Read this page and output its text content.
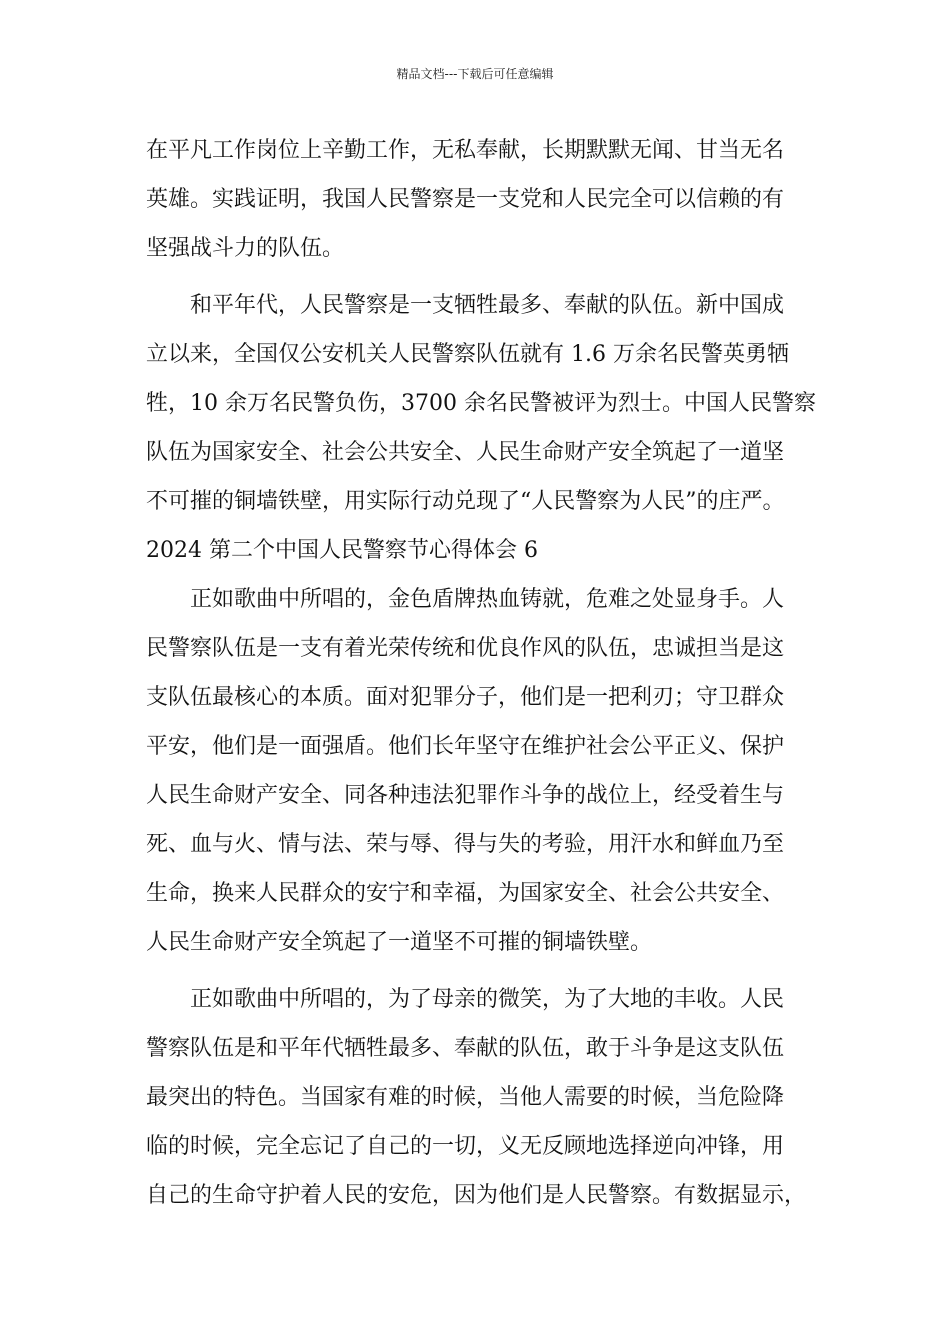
精品文档---下载后可任意编辑
在平凡工作岗位上辛勤工作，无私奉献，长期默默无闻、甘当无名
英雄。实践证明，我国人民警察是一支党和人民完全可以信赖的有
坚强战斗力的队伍。
和平年代，人民警察是一支牺牲最多、奉献的队伍。新中国成
立以来，全国仅公安机关人民警察队伍就有 1.6 万余名民警英勇牺
牲，10 余万名民警负伤，3700 余名民警被评为烈士。中国人民警察
队伍为国家安全、社会公共安全、人民生命财产安全筑起了一道坚
不可摧的铜墙铁壁，用实际行动兑现了“人民警察为人民”的庄严。
2024 第二个中国人民警察节心得体会 6
正如歌曲中所唱的，金色盾牌热血铸就，危难之处显身手。人
民警察队伍是一支有着光荣传统和优良作风的队伍，忠诚担当是这
支队伍最核心的本质。面对犯罪分子，他们是一把利刃；守卫群众
平安，他们是一面强盾。他们长年坚守在维护社会公平正义、保护
人民生命财产安全、同各种违法犯罪作斗争的战位上，经受着生与
死、血与火、情与法、荣与辱、得与失的考验，用汗水和鲜血乃至
生命，换来人民群众的安宁和幸福，为国家安全、社会公共安全、
人民生命财产安全筑起了一道坚不可摧的铜墙铁壁。
正如歌曲中所唱的，为了母亲的微笑，为了大地的丰收。人民
警察队伍是和平年代牺牲最多、奉献的队伍，敢于斗争是这支队伍
最突出的特色。当国家有难的时候，当他人需要的时候，当危险降
临的时候，完全忘记了自己的一切，义无反顾地选择逆向冲锋，用
自己的生命守护着人民的安危，因为他们是人民警察。有数据显示，
